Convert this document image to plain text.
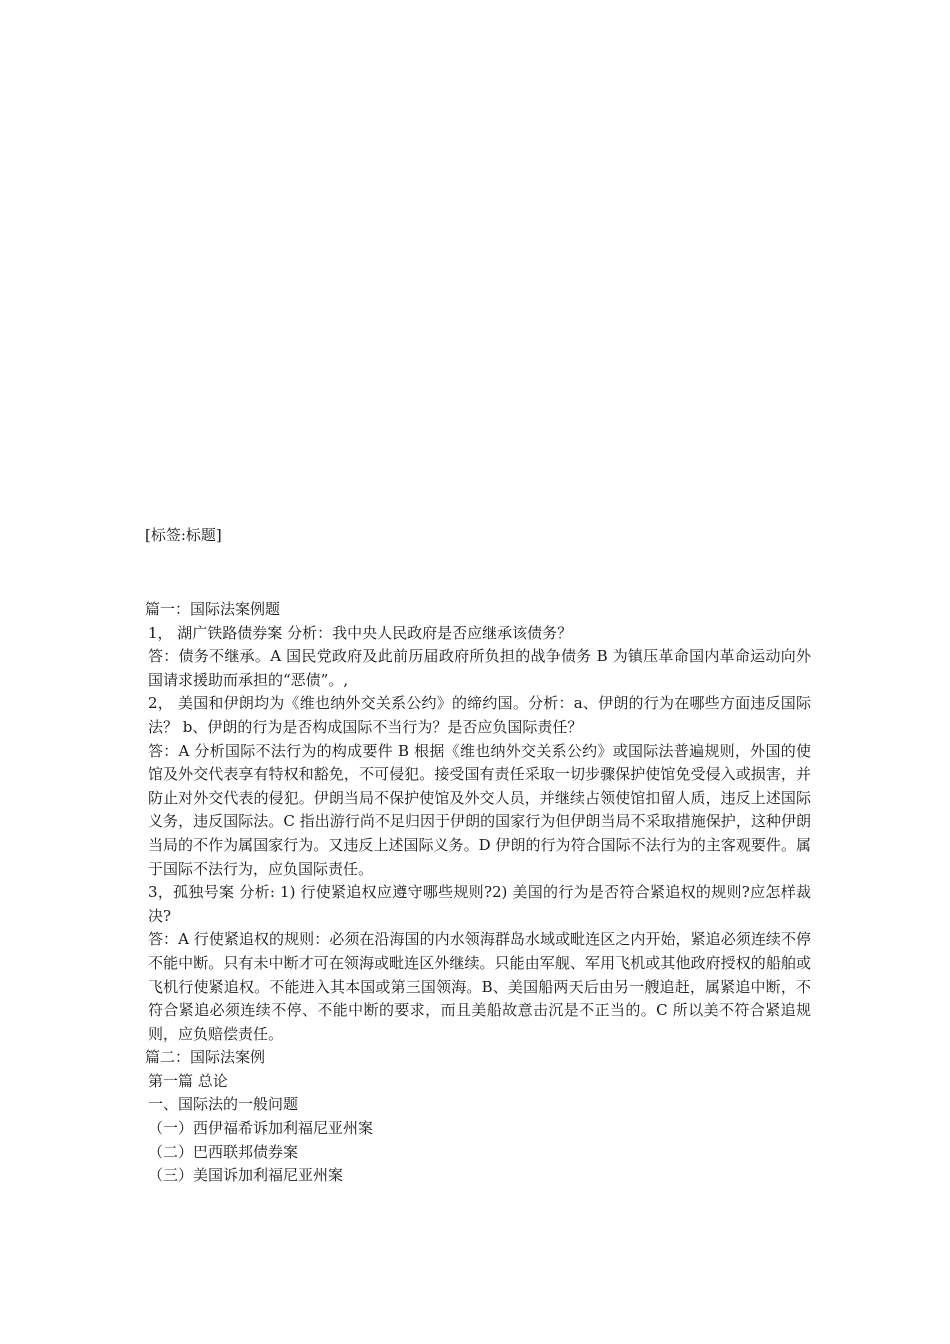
[标签:标题]

篇一：国际法案例题

1， 湖广铁路债券案 分析：我中央人民政府是否应继承该债务？

答：债务不继承。A 国民党政府及此前历届政府所负担的战争债务 B 为镇压革命国内革命运动向外国请求援助而承担的“恶债”。,

2， 美国和伊朗均为《维也纳外交关系公约》的缔约国。分析：a、伊朗的行为在哪些方面违反国际法？ b、伊朗的行为是否构成国际不当行为？是否应负国际责任？

答：A 分析国际不法行为的构成要件 B 根据《维也纳外交关系公约》或国际法普遍规则，外国的使馆及外交代表享有特权和豁免，不可侵犯。接受国有责任采取一切步骤保护使馆免受侵入或损害，并防止对外交代表的侵犯。伊朗当局不保护使馆及外交人员，并继续占领使馆扣留人质，违反上述国际义务，违反国际法。C 指出游行尚不足归因于伊朗的国家行为但伊朗当局不采取措施保护，这种伊朗当局的不作为属国家行为。又违反上述国际义务。D 伊朗的行为符合国际不法行为的主客观要件。属于国际不法行为，应负国际责任。

3，孤独号案 分析: 1) 行使紧追权应遵守哪些规则?2) 美国的行为是否符合紧追权的规则?应怎样裁决?

答：A 行使紧追权的规则：必须在沿海国的内水领海群岛水域或毗连区之内开始，紧追必须连续不停不能中断。只有未中断才可在领海或毗连区外继续。只能由军舰、军用飞机或其他政府授权的船舶或飞机行使紧追权。不能进入其本国或第三国领海。B、美国船两天后由另一艘追赶，属紧追中断，不符合紧追必须连续不停、不能中断的要求，而且美船故意击沉是不正当的。C 所以美不符合紧追规则，应负赔偿责任。

篇二：国际法案例

第一篇 总论

一、国际法的一般问题

（一）西伊福希诉加利福尼亚州案

（二）巴西联邦债券案

（三）美国诉加利福尼亚州案
